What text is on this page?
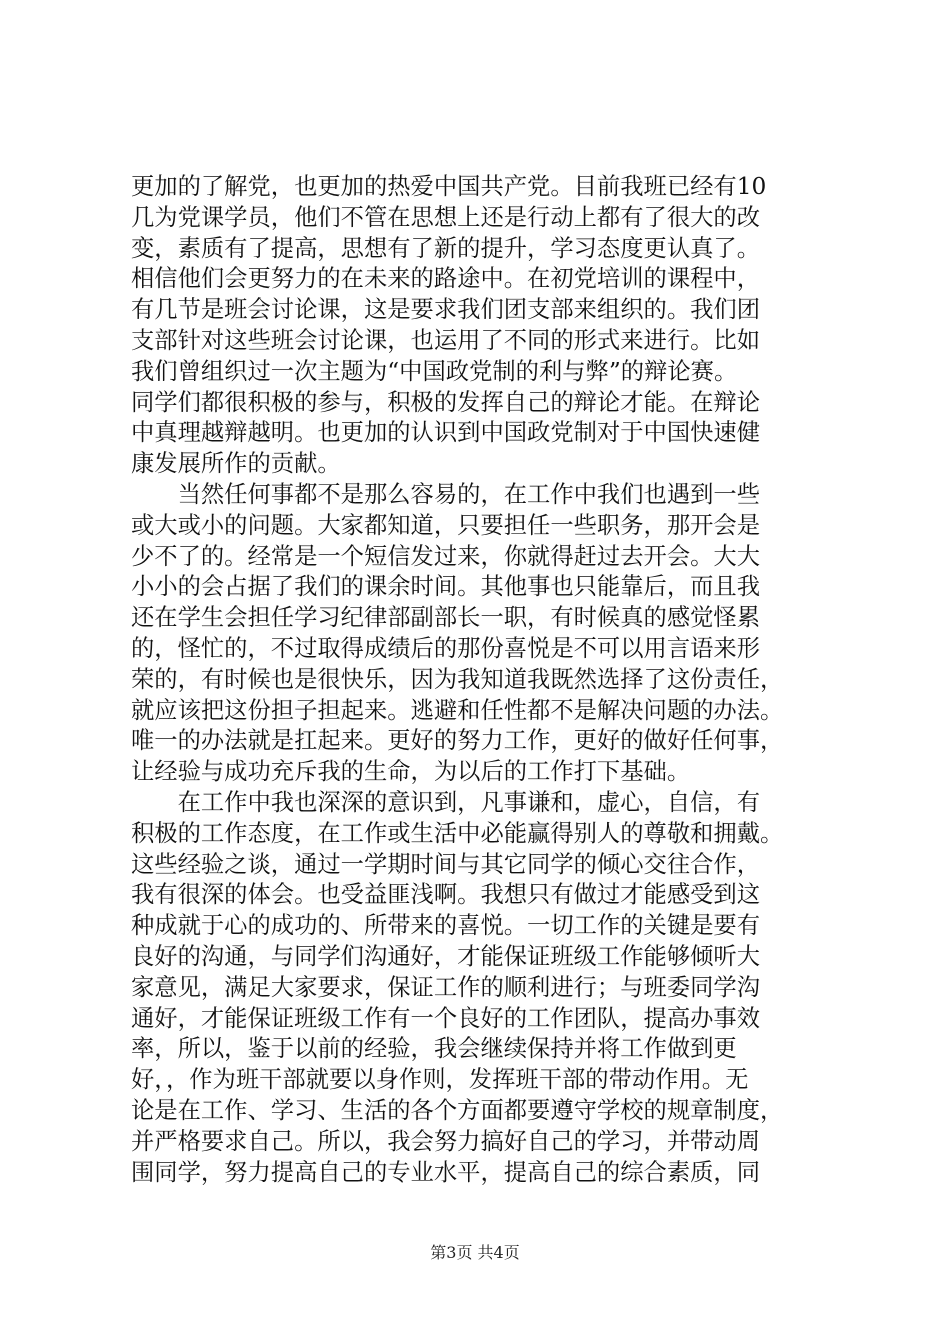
更加的了解党，也更加的热爱中国共产党。目前我班已经有10
几为党课学员，他们不管在思想上还是行动上都有了很大的改
变，素质有了提高，思想有了新的提升，学习态度更认真了。
相信他们会更努力的在未来的路途中。在初党培训的课程中，
有几节是班会讨论课，这是要求我们团支部来组织的。我们团
支部针对这些班会讨论课，也运用了不同的形式来进行。比如
我们曾组织过一次主题为“中国政党制的利与弊”的辩论赛。
同学们都很积极的参与，积极的发挥自己的辩论才能。在辩论
中真理越辩越明。也更加的认识到中国政党制对于中国快速健
康发展所作的贡献。
当然任何事都不是那么容易的，在工作中我们也遇到一些
或大或小的问题。大家都知道，只要担任一些职务，那开会是
少不了的。经常是一个短信发过来，你就得赶过去开会。大大
小小的会占据了我们的课余时间。其他事也只能靠后，而且我
还在学生会担任学习纪律部副部长一职，有时候真的感觉怪累
的，怪忙的，不过取得成绩后的那份喜悦是不可以用言语来形
荣的，有时候也是很快乐，因为我知道我既然选择了这份责任，
就应该把这份担子担起来。逃避和任性都不是解决问题的办法。
唯一的办法就是扛起来。更好的努力工作，更好的做好任何事，
让经验与成功充斥我的生命，为以后的工作打下基础。
在工作中我也深深的意识到，凡事谦和，虚心，自信，有
积极的工作态度，在工作或生活中必能赢得别人的尊敬和拥戴。
这些经验之谈，通过一学期时间与其它同学的倾心交往合作，
我有很深的体会。也受益匪浅啊。我想只有做过才能感受到这
种成就于心的成功的、所带来的喜悦。一切工作的关键是要有
良好的沟通，与同学们沟通好，才能保证班级工作能够倾听大
家意见，满足大家要求，保证工作的顺利进行；与班委同学沟
通好，才能保证班级工作有一个良好的工作团队，提高办事效
率，所以，鉴于以前的经验，我会继续保持并将工作做到更
好，，作为班干部就要以身作则，发挥班干部的带动作用。无
论是在工作、学习、生活的各个方面都要遵守学校的规章制度，
并严格要求自己。所以，我会努力搞好自己的学习，并带动周
围同学，努力提高自己的专业水平，提高自己的综合素质，同
第3页 共4页
